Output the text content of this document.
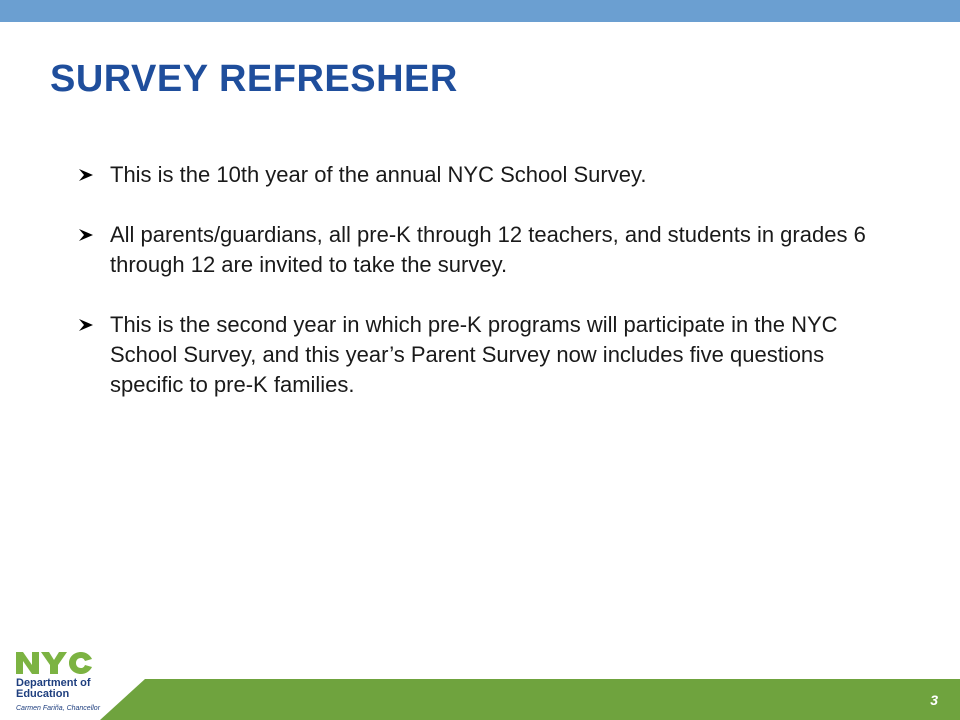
SURVEY REFRESHER
This is the 10th year of the annual NYC School Survey.
All parents/guardians, all pre-K through 12 teachers, and students in grades 6 through 12 are invited to take the survey.
This is the second year in which pre-K programs will participate in the NYC School Survey, and this year’s Parent Survey now includes five questions specific to pre-K families.
3
Department of
Education
Carmen Fariña, Chancellor
